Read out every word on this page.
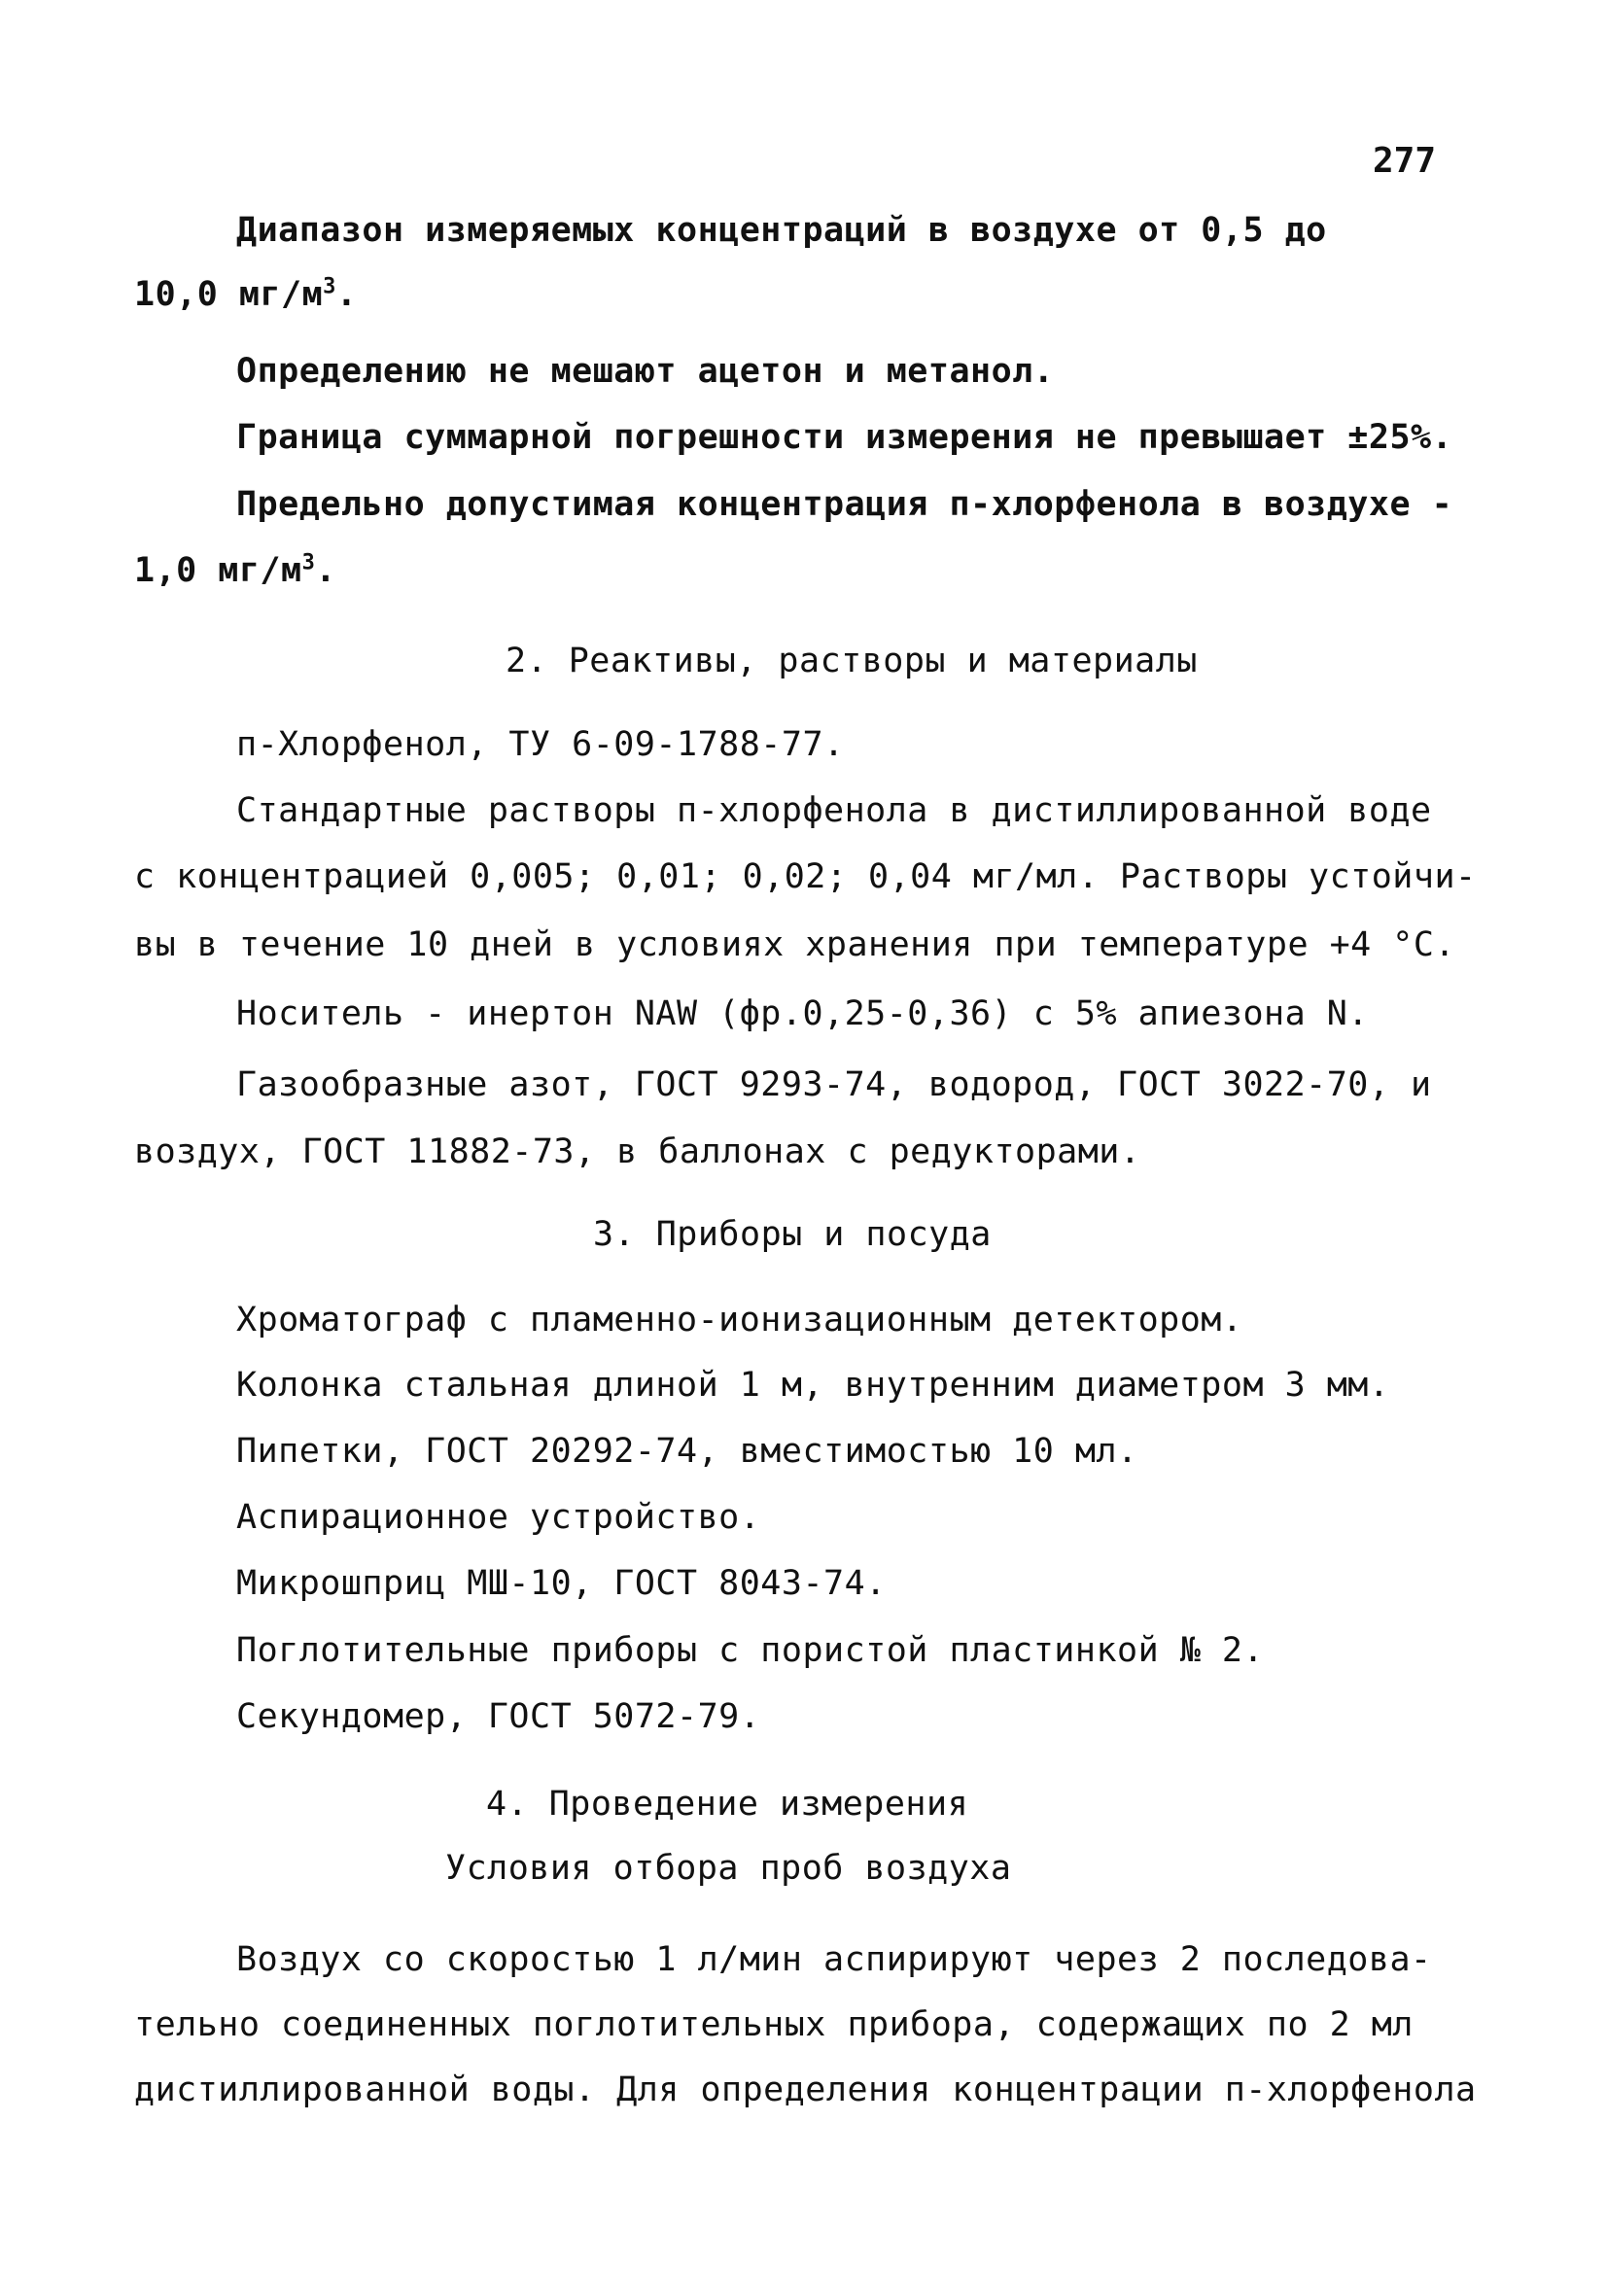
277
Диапазон измеряемых концентраций в воздухе от 0,5 до
10,0 $мг/м^3$.
Определению не мешают ацетон и метанол.
Граница суммарной погрешности измерения не превышает ±25%.
Предельно допустимая концентрация п-хлорфенола в воздухе -
1,0 $мг/м^3$.
2. Реактивы, растворы и материалы
п-Хлорфенол, ТУ 6-09-1788-77.
Стандартные растворы п-хлорфенола в дистиллированной воде
с концентрацией 0,005; 0,01; 0,02; 0,04 мг/мл. Растворы устойчи-
вы в течение 10 дней в условиях хранения при температуре +4 °С.
Носитель - инертон NAW (фр.0,25-0,36) с 5% апиезона N.
Газообразные азот, ГОСТ 9293-74, водород, ГОСТ 3022-70, и
воздух, ГОСТ 11882-73, в баллонах с редукторами.
3. Приборы и посуда
Хроматограф с пламенно-ионизационным детектором.
Колонка стальная длиной 1 м, внутренним диаметром 3 мм.
Пипетки, ГОСТ 20292-74, вместимостью 10 мл.
Аспирационное устройство.
Микрошприц МШ-10, ГОСТ 8043-74.
Поглотительные приборы с пористой пластинкой № 2.
Секундомер, ГОСТ 5072-79.
4. Проведение измерения
Условия отбора проб воздуха
Воздух со скоростью 1 л/мин аспирируют через 2 последова-
тельно соединенных поглотительных прибора, содержащих по 2 мл
дистиллированной воды. Для определения концентрации п-хлорфенола
